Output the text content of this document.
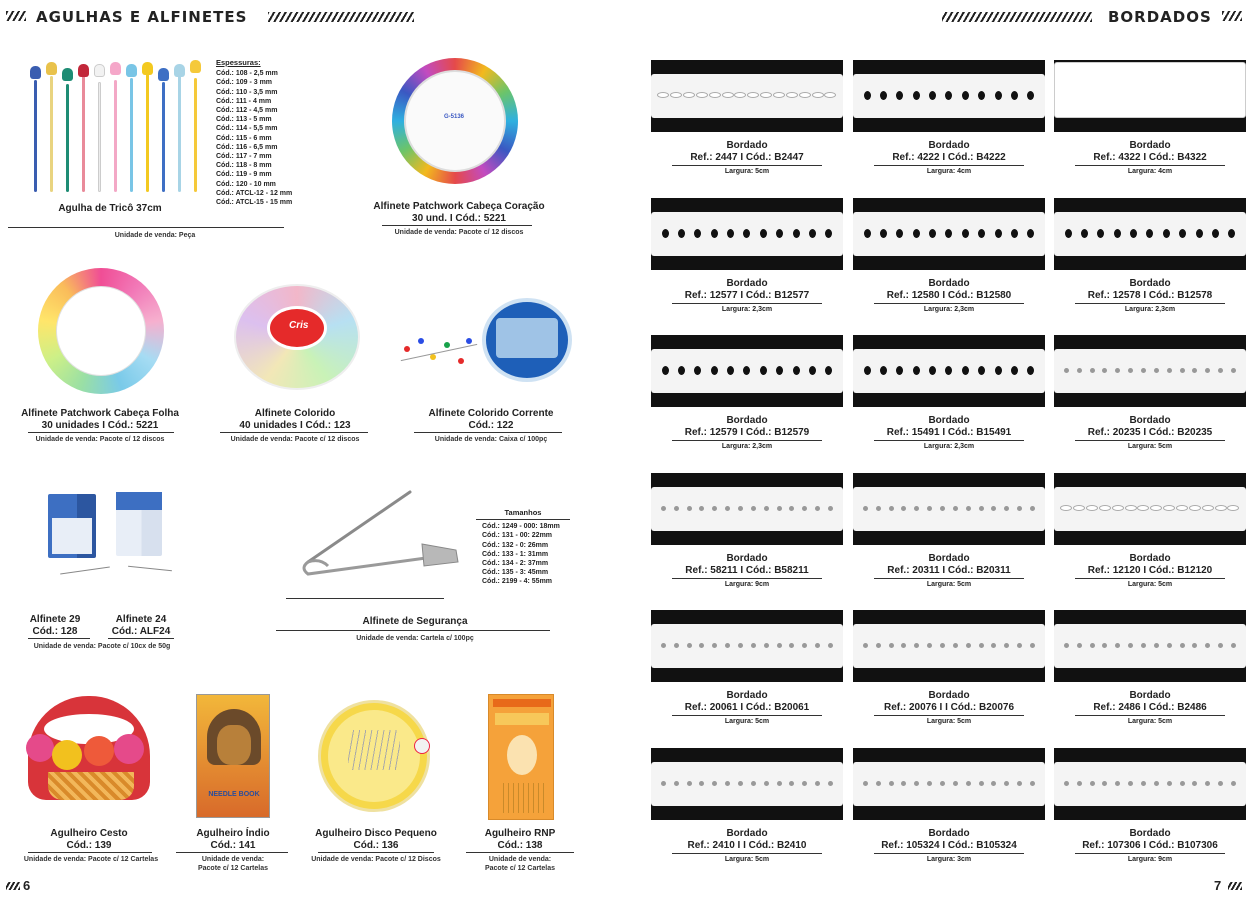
AGULHAS E ALFINETES	BORDADOS
Espessuras:
Cód.: 108 - 2,5 mm
Cód.: 109 - 3 mm
Cód.: 110 - 3,5 mm
Cód.: 111 - 4 mm
Cód.: 112 - 4,5 mm
Cód.: 113 - 5 mm
Cód.: 114 - 5,5 mm
Cód.: 115 - 6 mm
Cód.: 116 - 6,5 mm
Cód.: 117 - 7 mm
Cód.: 118 - 8 mm
Cód.: 119 - 9 mm
Cód.: 120 - 10 mm
Cód.: ATCL-12 - 12 mm
Cód.: ATCL-15 - 15 mm
Agulha de Tricô 37cm
Unidade de venda: Peça
G-5136
Alfinete Patchwork Cabeça Coração
30 und. I Cód.: 5221
Unidade de venda: Pacote c/ 12 discos
Alfinete Patchwork Cabeça Folha
30 unidades I Cód.: 5221
Unidade de venda: Pacote c/ 12 discos
Cris
Alfinete Colorido
40 unidades I Cód.: 123
Unidade de venda: Pacote c/ 12 discos
Alfinete Colorido Corrente
Cód.: 122
Unidade de venda: Caixa c/ 100pç
Alfinete 29
Cód.: 128
Alfinete 24
Cód.: ALF24
Unidade de venda: Pacote c/ 10cx de 50g
Tamanhos
Cód.: 1249 - 000: 18mm
Cód.: 131 - 00: 22mm
Cód.: 132 - 0: 26mm
Cód.: 133 - 1: 31mm
Cód.: 134 - 2: 37mm
Cód.: 135 - 3: 45mm
Cód.: 2199 - 4: 55mm
Alfinete de Segurança
Unidade de venda: Cartela c/ 100pç
Agulheiro Cesto
Cód.: 139
Unidade de venda: Pacote c/ 12 Cartelas
NEEDLE BOOK
Agulheiro Índio
Cód.: 141
Unidade de venda:
Pacote c/ 12 Cartelas
Agulheiro Disco Pequeno
Cód.: 136
Unidade de venda: Pacote c/ 12 Discos
Agulheiro RNP
Cód.: 138
Unidade de venda:
Pacote c/ 12 Cartelas
6	7
Bordado
Ref.: 2447 I Cód.: B2447
Largura: 5cm
Bordado
Ref.: 4222 I Cód.: B4222
Largura: 4cm
Bordado
Ref.: 4322 I Cód.: B4322
Largura: 4cm
Bordado
Ref.: 12577 I Cód.: B12577
Largura: 2,3cm
Bordado
Ref.: 12580 I Cód.: B12580
Largura: 2,3cm
Bordado
Ref.: 12578 I Cód.: B12578
Largura: 2,3cm
Bordado
Ref.: 12579 I Cód.: B12579
Largura: 2,3cm
Bordado
Ref.: 15491 I Cód.: B15491
Largura: 2,3cm
Bordado
Ref.: 20235 I Cód.: B20235
Largura: 5cm
Bordado
Ref.: 58211 I Cód.: B58211
Largura: 9cm
Bordado
Ref.: 20311 I Cód.: B20311
Largura: 5cm
Bordado
Ref.: 12120 I Cód.: B12120
Largura: 5cm
Bordado
Ref.: 20061 I Cód.: B20061
Largura: 5cm
Bordado
Ref.: 20076 I I Cód.: B20076
Largura: 5cm
Bordado
Ref.: 2486 I Cód.: B2486
Largura: 5cm
Bordado
Ref.: 2410 I I Cód.: B2410
Largura: 5cm
Bordado
Ref.: 105324 I Cód.: B105324
Largura: 3cm
Bordado
Ref.: 107306 I Cód.: B107306
Largura: 9cm
